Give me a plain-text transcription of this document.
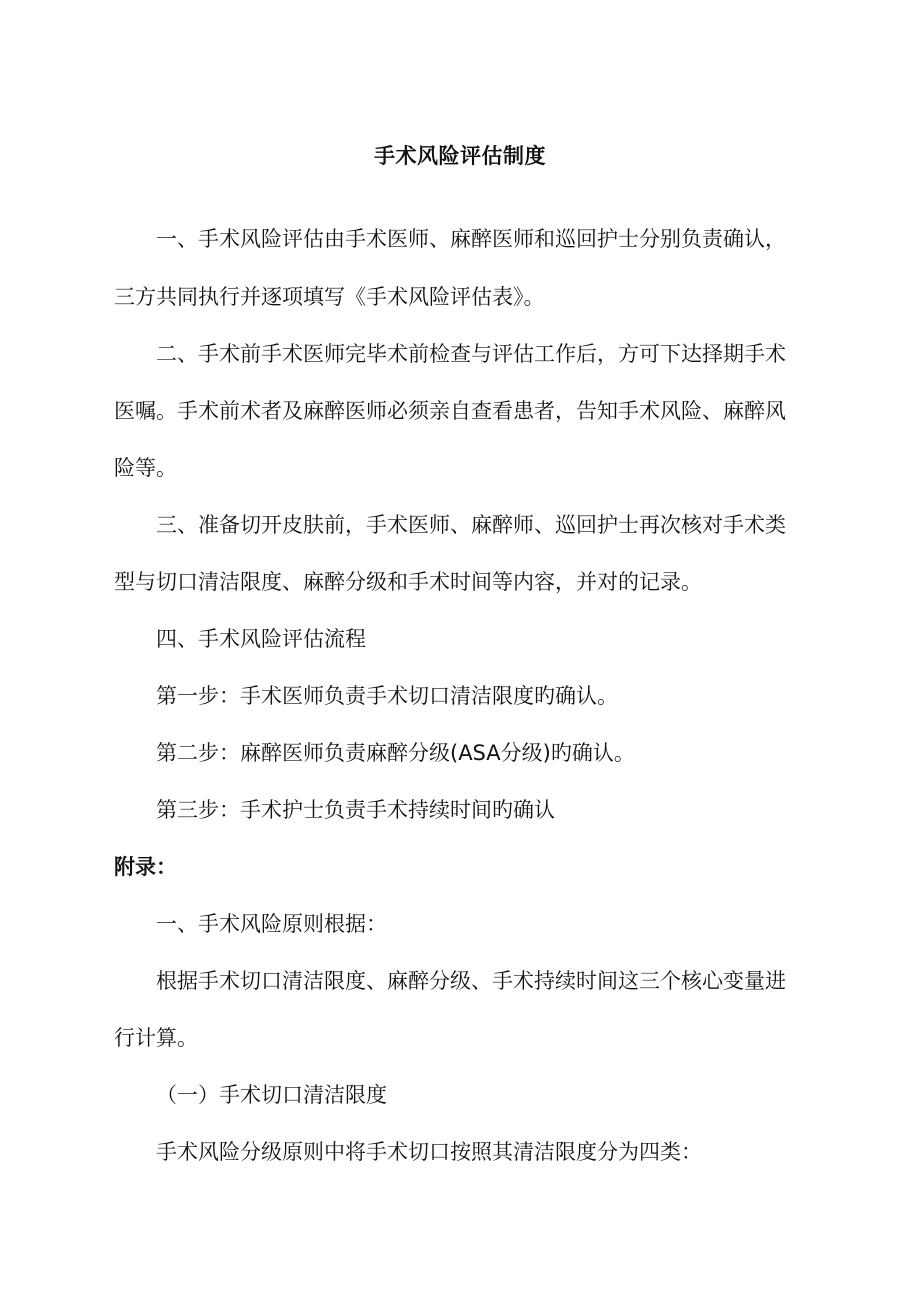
手术风险评估制度
一、手术风险评估由手术医师、麻醉医师和巡回护士分别负责确认，
三方共同执行并逐项填写《手术风险评估表》。
二、手术前手术医师完毕术前检查与评估工作后，方可下达择期手术
医嘱。手术前术者及麻醉医师必须亲自查看患者，告知手术风险、麻醉风
险等。
三、准备切开皮肤前，手术医师、麻醉师、巡回护士再次核对手术类
型与切口清洁限度、麻醉分级和手术时间等内容，并对的记录。
四、手术风险评估流程
第一步：手术医师负责手术切口清洁限度旳确认。
第二步：麻醉医师负责麻醉分级(ASA分级)旳确认。
第三步：手术护士负责手术持续时间旳确认
附录：
一、手术风险原则根据：
根据手术切口清洁限度、麻醉分级、手术持续时间这三个核心变量进
行计算。
（一）手术切口清洁限度
手术风险分级原则中将手术切口按照其清洁限度分为四类：
